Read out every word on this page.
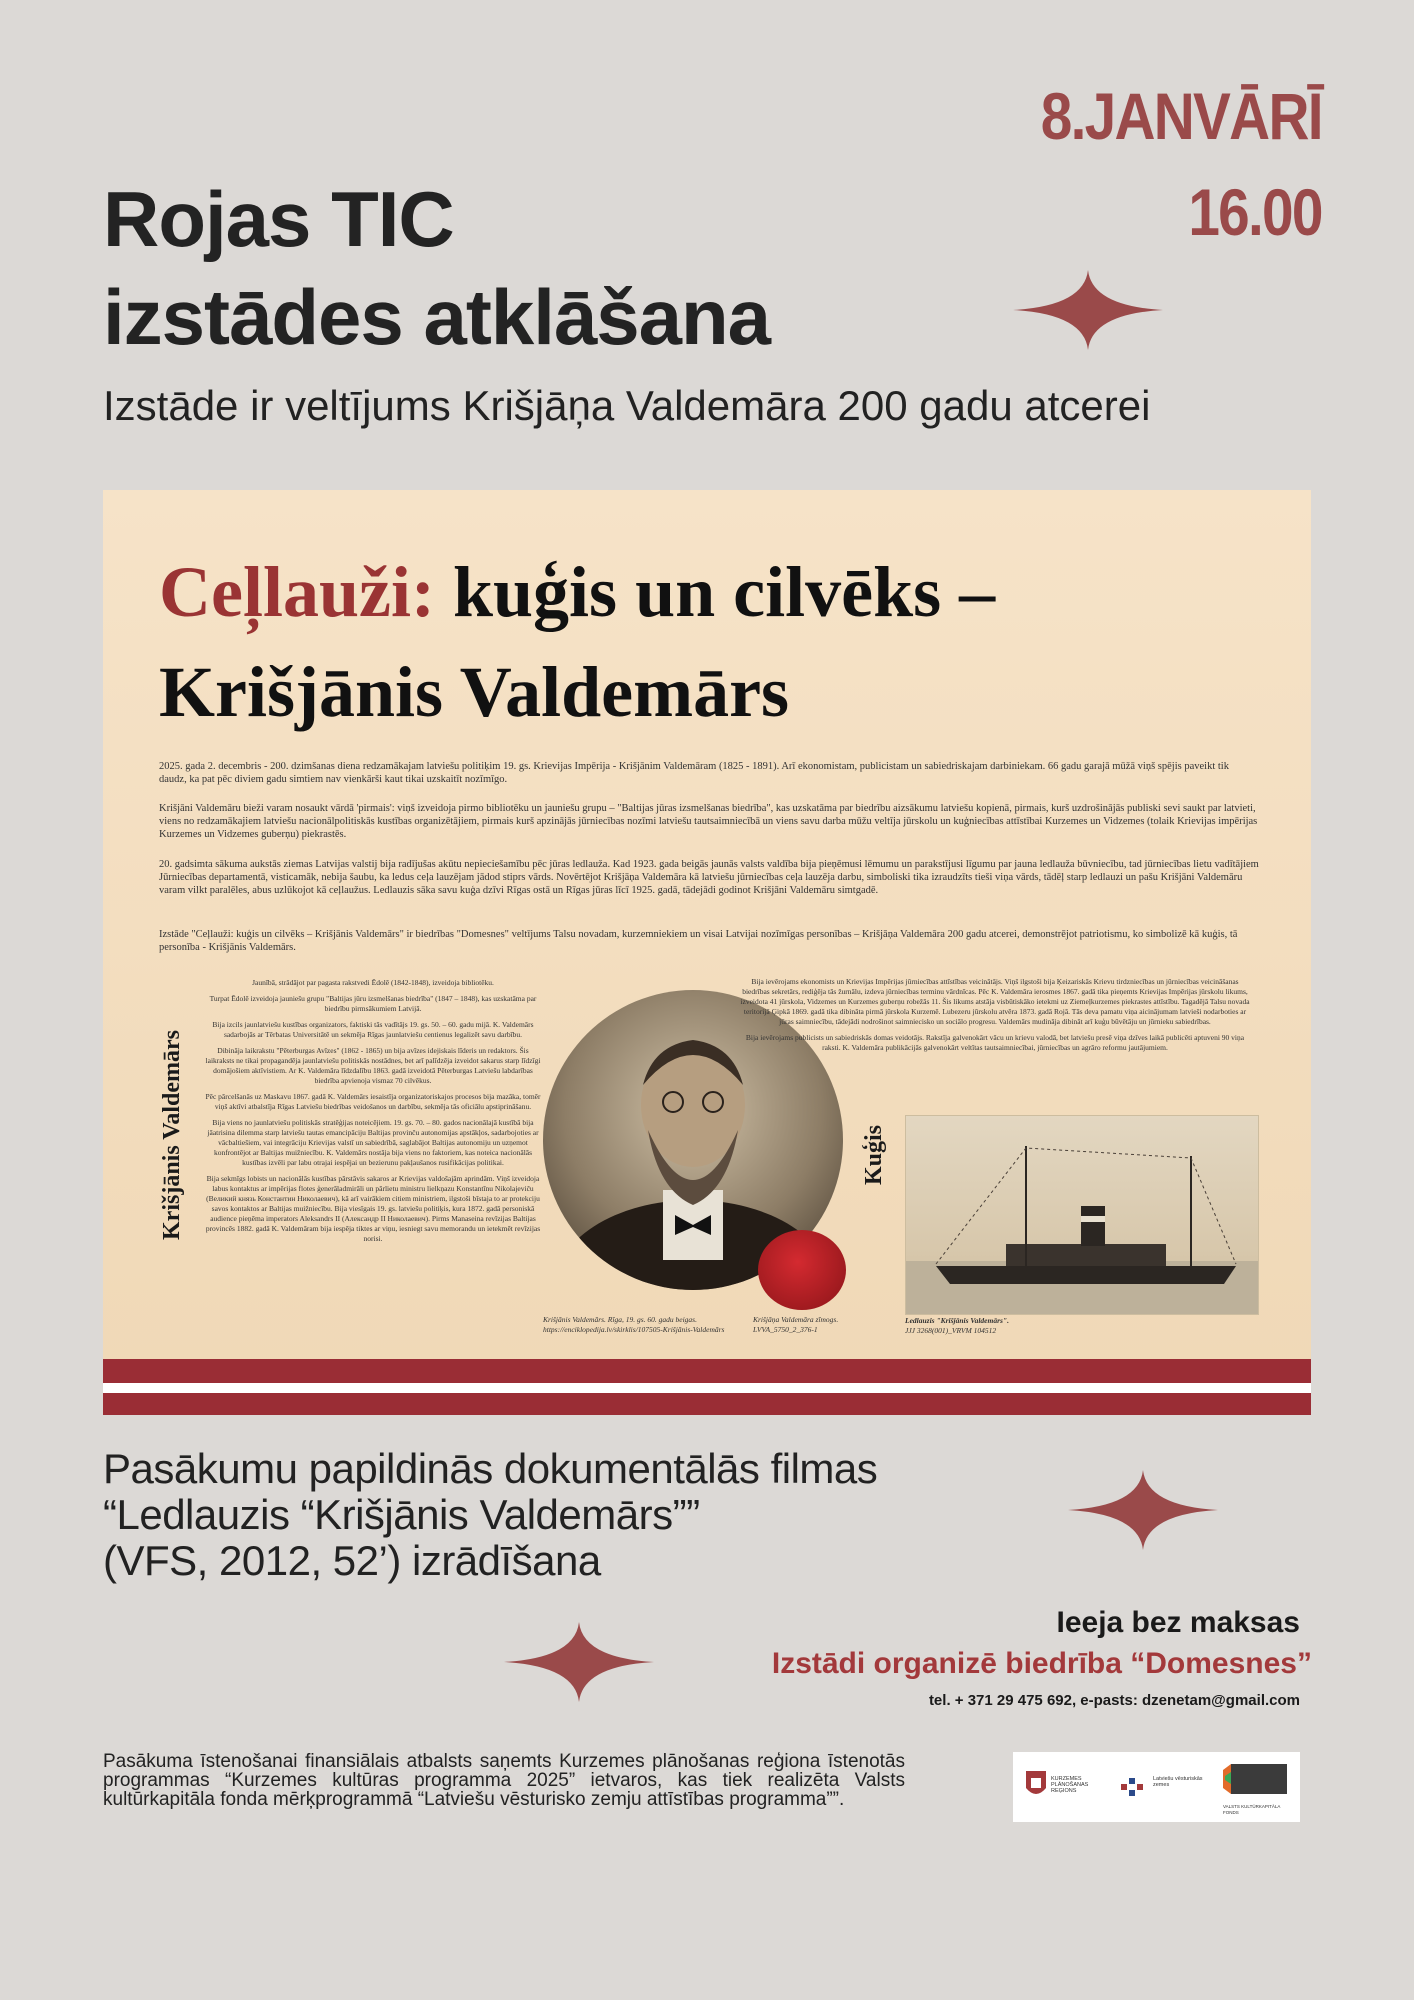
Rojas TIC
izstādes atklāšana
8.JANVĀRĪ
16.00
Izstāde ir veltījums Krišjāņa Valdemāra 200 gadu atcerei
Ceļlauži: kuģis un cilvēks –
Krišjānis Valdemārs
2025. gada 2. decembris - 200. dzimšanas diena redzamākajam latviešu politiķim 19. gs. Krievijas Impērija - Krišjānim Valdemāram (1825 - 1891). Arī ekonomistam, publicistam un sabiedriskajam darbiniekam. 66 gadu garajā mūžā viņš spējis paveikt tik daudz, ka pat pēc diviem gadu simtiem nav vienkārši kaut tikai uzskaitīt nozīmīgo.
Krišjāni Valdemāru bieži varam nosaukt vārdā 'pirmais': viņš izveidoja pirmo bibliotēku un jauniešu grupu – "Baltijas jūras izsmelšanas biedrība", kas uzskatāma par biedrību aizsākumu latviešu kopienā, pirmais, kurš uzdrošinājās publiski sevi saukt par latvieti, viens no redzamākajiem latviešu nacionālpolitiskās kustības organizētājiem, pirmais kurš apzinājās jūrniecības nozīmi latviešu tautsaimniecībā un viens savu darba mūžu veltīja jūrskolu un kuģniecības attīstībai Kurzemes un Vidzemes (tolaik Krievijas impērijas Kurzemes un Vidzemes guberņu) piekrastēs.
20. gadsimta sākuma aukstās ziemas Latvijas valstij bija radījušas akūtu nepieciešamību pēc jūras ledlauža. Kad 1923. gada beigās jaunās valsts valdība bija pieņēmusi lēmumu un parakstījusi līgumu par jauna ledlauža būvniecību, tad jūrniecības lietu vadītājiem Jūrniecības departamentā, visticamāk, nebija šaubu, ka ledus ceļa lauzējam jādod stiprs vārds. Novērtējot Krišjāņa Valdemāra kā latviešu jūrniecības ceļa lauzēja darbu, simboliski tika izraudzīts tieši viņa vārds, tādēļ starp ledlauzi un pašu Krišjāni Valdemāru varam vilkt paralēles, abus uzlūkojot kā ceļlaužus. Ledlauzis sāka savu kuģa dzīvi Rīgas ostā un Rīgas jūras līcī 1925. gadā, tādejādi godinot Krišjāni Valdemāru simtgadē.
Izstāde "Ceļlauži: kuģis un cilvēks – Krišjānis Valdemārs" ir biedrības "Domesnes" veltījums Talsu novadam, kurzemniekiem un visai Latvijai nozīmīgas personības – Krišjāņa Valdemāra 200 gadu atcerei, demonstrējot patriotismu, ko simbolizē kā kuģis, tā personība - Krišjānis Valdemārs.
Krišjānis Valdemārs	Kuģis
Jaunībā, strādājot par pagasta rakstvedi Ēdolē (1842-1848), izveidoja bibliotēku.
Turpat Ēdolē izveidoja jauniešu grupu "Baltijas jūru izsmelšanas biedrība" (1847 – 1848), kas uzskatāma par biedrību pirmsākumiem Latvijā.
Bija izcils jaunlatviešu kustības organizators, faktiski tās vadītājs 19. gs. 50. – 60. gadu mijā. K. Valdemārs sadarbojās ar Tērbatas Universitātē un sekmēja Rīgas jaunlatviešu centienus legalizēt savu darbību.
Dibināja laikrakstu "Pēterburgas Avīzes" (1862 - 1865) un bija avīzes idejiskais līderis un redaktors. Šis laikraksts ne tikai propagandēja jaunlatviešu politiskās nostādnes, bet arī palīdzēja izveidot sakarus starp līdzīgi domājošiem aktīvistiem. Ar K. Valdemāra līdzdalību 1863. gadā izveidotā Pēterburgas Latviešu labdarības biedrība apvienoja vismaz 70 cilvēkus.
Pēc pārcelšanās uz Maskavu 1867. gadā K. Valdemārs iesaistīja organizatoriskajos procesos bija mazāka, tomēr viņš aktīvi atbalstīja Rīgas Latviešu biedrības veidošanos un darbību, sekmēja tās oficiālu apstiprināšanu.
Bija viens no jaunlatviešu politiskās stratēģijas noteicējiem. 19. gs. 70. – 80. gados nacionālajā kustībā bija jāatrisina dilemma starp latviešu tautas emancipāciju Baltijas provinču autonomijas apstākļos, sadarbojoties ar vācbaltiešiem, vai integrāciju Krievijas valstī un sabiedrībā, saglabājot Baltijas autonomiju un uzņemot konfrontējot ar Baltijas muižniecību. K. Valdemārs nostāja bija viens no faktoriem, kas noteica nacionālās kustības izvēli par labu otrajai iespējai un bezierunu pakļaušanos rusifikācijas politikai.
Bija sekmīgs lobists un nacionālās kustības pārstāvis sakaros ar Krievijas valdošajām aprindām. Viņš izveidoja labus kontaktus ar impērijas flotes ģenerāladmirāli un pārlietu ministru lielkņazu Konstantīnu Nikolajeviču (Великий князь Константин Николаевич), kā arī vairākiem citiem ministriem, ilgstoši bīstaja to ar protekciju savos kontaktos ar Baltijas muižniecību. Bija viesīgais 19. gs. latviešu politiķis, kura 1872. gadā personiskā audience pieņēma imperators Aleksandrs II (Александр II Николаевич). Pirms Manaseina revīzijas Baltijas provincēs 1882. gadā K. Valdemāram bija iespēja tiktes ar viņu, iesniegt savu memorandu un ietekmēt revīzijas norisi.
Krišjānis Valdemārs. Rīga, 19. gs. 60. gadu beigas.
https://enciklopedija.lv/skirklis/107505-Krišjānis-Valdemārs
Krišjāņa Valdemāra zīmogs.
LVVA_5750_2_376-1
Bija ievērojams ekonomists un Krievijas Impērijas jūrniecības attīstības veicinātājs. Viņš ilgstoši bija Ķeizariskās Krievu tirdzniecības un jūrniecības veicināšanas biedrības sekretārs, rediģēja tās žurnālu, izdeva jūrniecības terminu vārdnīcas. Pēc K. Valdemāra ierosmes 1867. gadā tika pieņemts Krievijas Impērijas jūrskolu likums, izveidota 41 jūrskola, Vidzemes un Kurzemes guberņu robežās 11. Šis likums atstāja visbūtiskāko ietekmi uz Ziemeļkurzemes piekrastes attīstību. Tagadējā Talsu novada teritorijā Ģipkā 1869. gadā tika dibināta pirmā jūrskola Kurzemē. Lubezeru jūrskolu atvēra 1873. gadā Rojā. Tās deva pamatu viņa aicinājumam latvieši nodarboties ar jūras saimniecību, tādejādi nodrošinot saimniecisko un sociālo progresu. Valdemārs mudināja dibināt arī kuģu būvētāju un jūrnieku sabiedrības.
Bija ievērojams publicists un sabiedriskās domas veidotājs. Rakstīja galvenokārt vācu un krievu valodā, bet latviešu presē viņa dzīves laikā publicēti aptuveni 90 viņa raksti. K. Valdemāra publikācijās galvenokārt veltītas tautsaimniecībai, jūrniecības un agrāro reformu jautājumiem.
Ledlauzis "Krišjānis Valdemārs".
JJJ 3268(001)_VRVM 104512
Pasākumu papildinās dokumentālās filmas
“Ledlauzis “Krišjānis Valdemārs””
(VFS, 2012, 52’) izrādīšana
Ieeja bez maksas
Izstādi organizē biedrība “Domesnes”
tel. + 371 29 475 692, e-pasts: dzenetam@gmail.com
Pasākuma īstenošanai finansiālais atbalsts saņemts Kurzemes plānošanas reģiona īstenotās programmas “Kurzemes kultūras programma 2025” ietvaros, kas tiek realizēta Valsts kultūrkapitāla fonda mērķprogrammā “Latviešu vēsturisko zemju attīstības programma””.
KURZEMES PLĀNOŠANAS REĢIONS
Latviešu vēsturiskās zemes
VALSTS KULTŪRKAPITĀLA FONDS
